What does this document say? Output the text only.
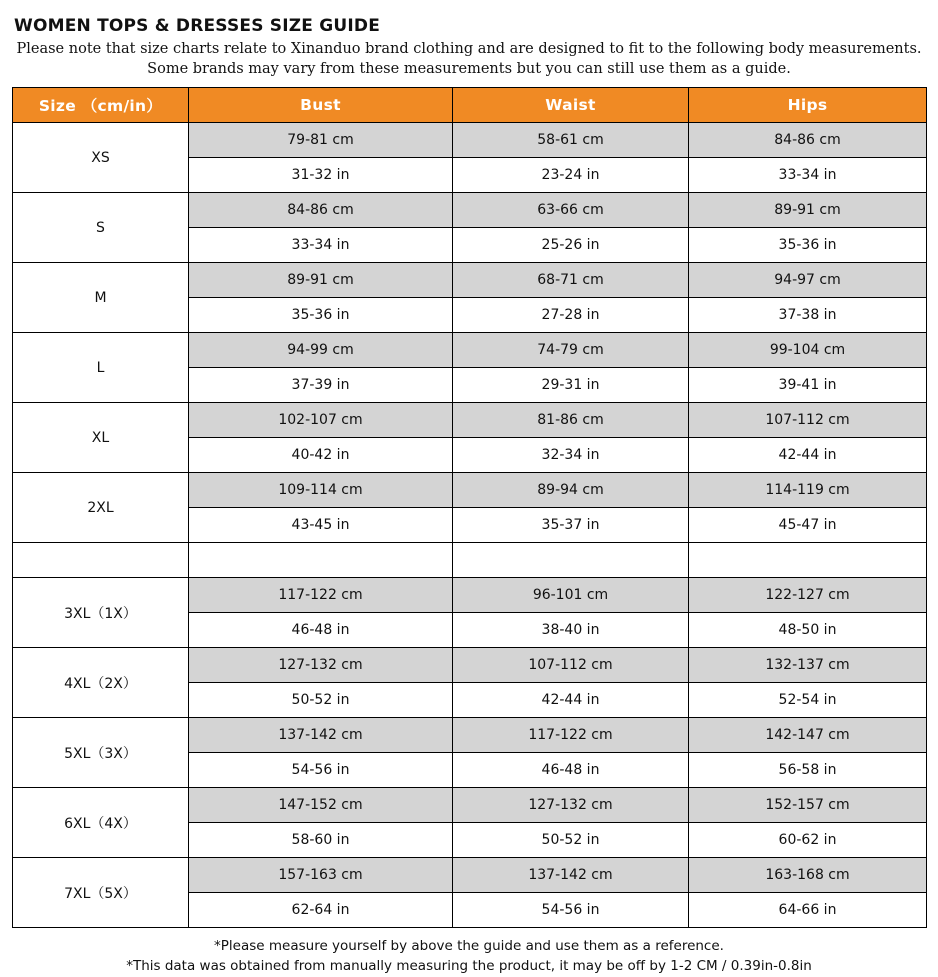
WOMEN TOPS & DRESSES SIZE GUIDE

Please note that size charts relate to Xinanduo brand clothing and are designed to fit to the following body measurements. Some brands may vary from these measurements but you can still use them as a guide.

Size （cm/in）	Bust	Waist	Hips
XS	79-81 cm	58-61 cm	84-86 cm
	31-32 in	23-24 in	33-34 in
S	84-86 cm	63-66 cm	89-91 cm
	33-34 in	25-26 in	35-36 in
M	89-91 cm	68-71 cm	94-97 cm
	35-36 in	27-28 in	37-38 in
L	94-99 cm	74-79 cm	99-104 cm
	37-39 in	29-31 in	39-41 in
XL	102-107 cm	81-86 cm	107-112 cm
	40-42 in	32-34 in	42-44 in
2XL	109-114 cm	89-94 cm	114-119 cm
	43-45 in	35-37 in	45-47 in

3XL（1X）	117-122 cm	96-101 cm	122-127 cm
	46-48 in	38-40 in	48-50 in
4XL（2X）	127-132 cm	107-112 cm	132-137 cm
	50-52 in	42-44 in	52-54 in
5XL（3X）	137-142 cm	117-122 cm	142-147 cm
	54-56 in	46-48 in	56-58 in
6XL（4X）	147-152 cm	127-132 cm	152-157 cm
	58-60 in	50-52 in	60-62 in
7XL（5X）	157-163 cm	137-142 cm	163-168 cm
	62-64 in	54-56 in	64-66 in
*Please measure yourself by above the guide and use them as a reference.
*This data was obtained from manually measuring the product, it may be off by 1-2 CM / 0.39in-0.8in
